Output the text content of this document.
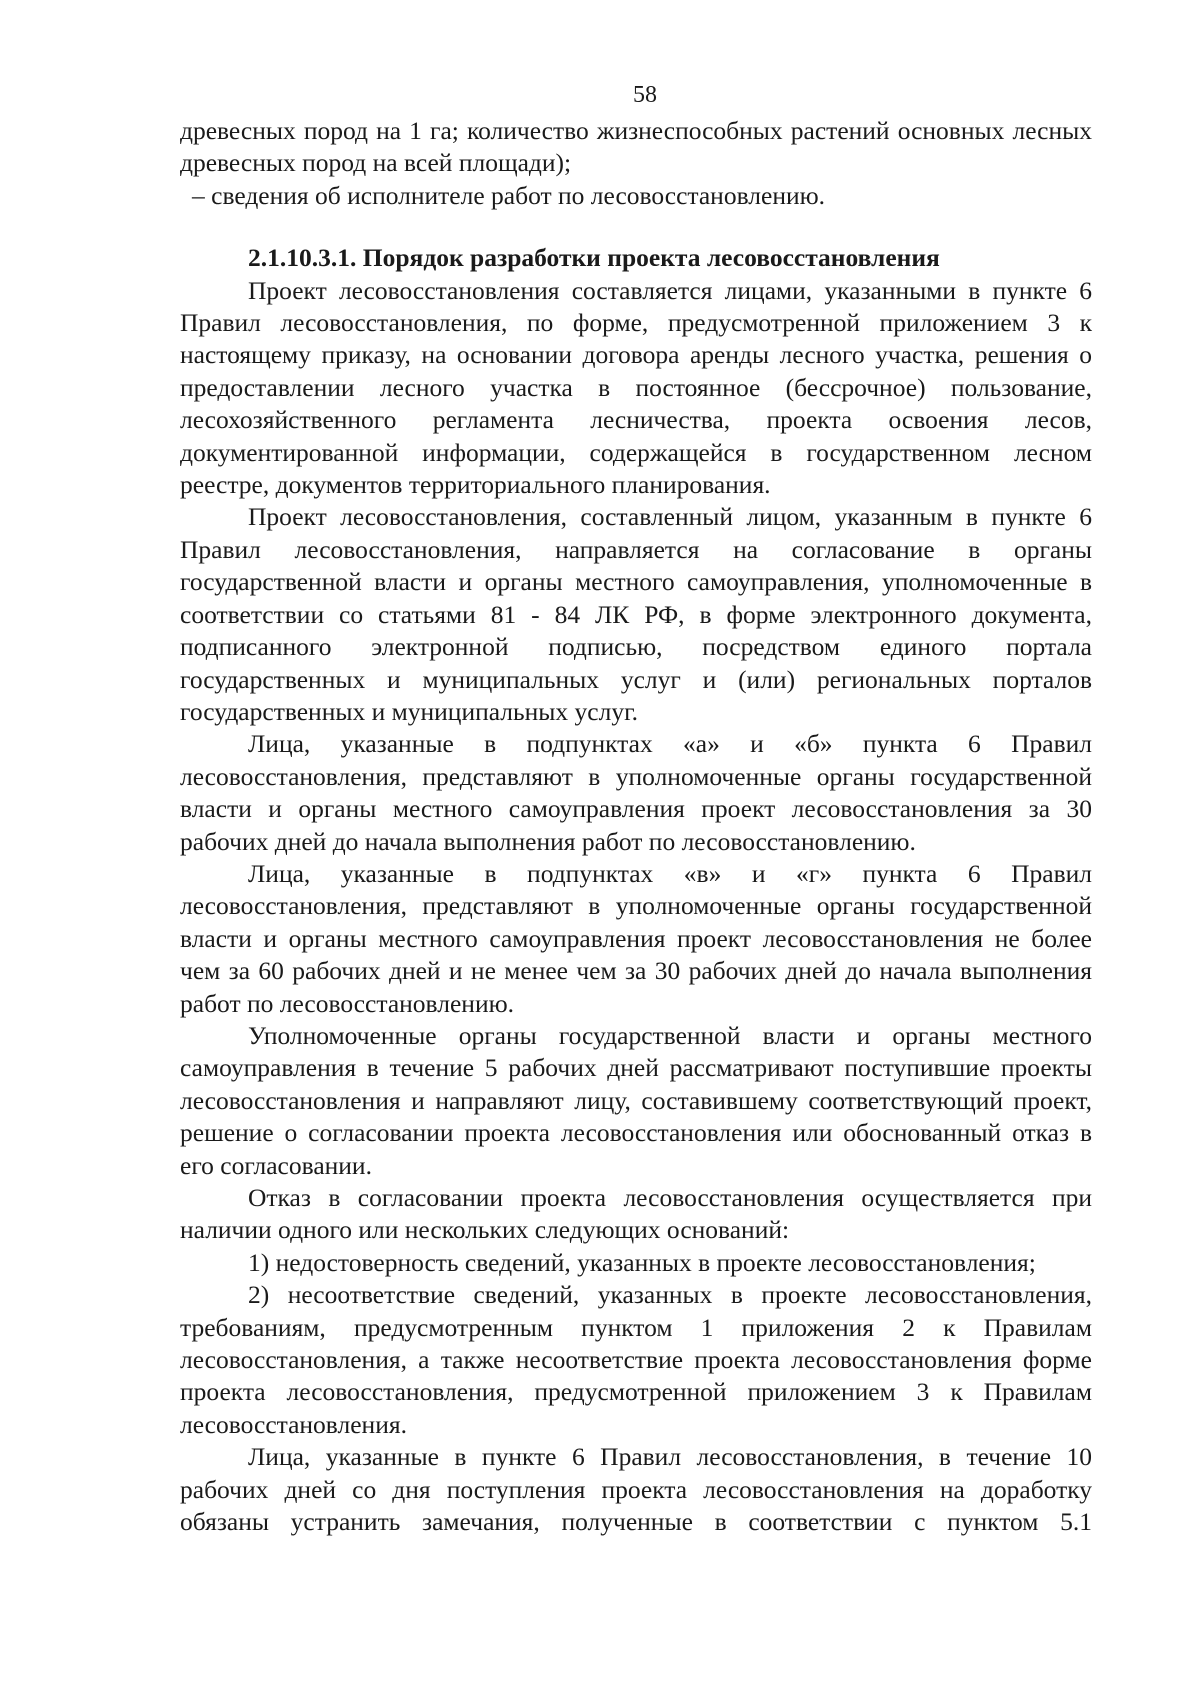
58

древесных пород на 1 га; количество жизнеспособных растений основных лесных древесных пород на всей площади);

– сведения об исполнителе работ по лесовосстановлению.

2.1.10.3.1. Порядок разработки проекта лесовосстановления

Проект лесовосстановления составляется лицами, указанными в пункте 6 Правил лесовосстановления, по форме, предусмотренной приложением 3 к настоящему приказу, на основании договора аренды лесного участка, решения о предоставлении лесного участка в постоянное (бессрочное) пользование, лесохозяйственного регламента лесничества, проекта освоения лесов, документированной информации, содержащейся в государственном лесном реестре, документов территориального планирования.

Проект лесовосстановления, составленный лицом, указанным в пункте 6 Правил лесовосстановления, направляется на согласование в органы государственной власти и органы местного самоуправления, уполномоченные в соответствии со статьями 81 - 84 ЛК РФ, в форме электронного документа, подписанного электронной подписью, посредством единого портала государственных и муниципальных услуг и (или) региональных порталов государственных и муниципальных услуг.

Лица, указанные в подпунктах «а» и «б» пункта 6 Правил лесовосстановления, представляют в уполномоченные органы государственной власти и органы местного самоуправления проект лесовосстановления за 30 рабочих дней до начала выполнения работ по лесовосстановлению.

Лица, указанные в подпунктах «в» и «г» пункта 6 Правил лесовосстановления, представляют в уполномоченные органы государственной власти и органы местного самоуправления проект лесовосстановления не более чем за 60 рабочих дней и не менее чем за 30 рабочих дней до начала выполнения работ по лесовосстановлению.

Уполномоченные органы государственной власти и органы местного самоуправления в течение 5 рабочих дней рассматривают поступившие проекты лесовосстановления и направляют лицу, составившему соответствующий проект, решение о согласовании проекта лесовосстановления или обоснованный отказ в его согласовании.

Отказ в согласовании проекта лесовосстановления осуществляется при наличии одного или нескольких следующих оснований:

1) недостоверность сведений, указанных в проекте лесовосстановления;

2) несоответствие сведений, указанных в проекте лесовосстановления, требованиям, предусмотренным пунктом 1 приложения 2 к Правилам лесовосстановления, а также несоответствие проекта лесовосстановления форме проекта лесовосстановления, предусмотренной приложением 3 к Правилам лесовосстановления.

Лица, указанные в пункте 6 Правил лесовосстановления, в течение 10 рабочих дней со дня поступления проекта лесовосстановления на доработку обязаны устранить замечания, полученные в соответствии с пунктом 5.1
